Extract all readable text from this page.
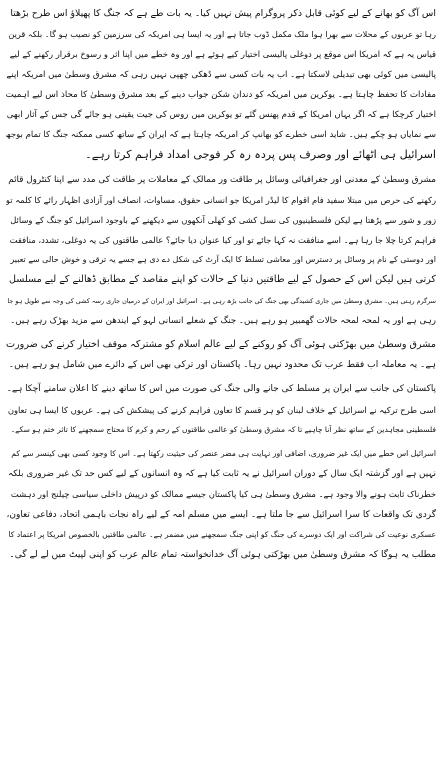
اس آگ کو بھانے کے لیے کوئی قابل ذکر پروگرام پیش نہیں کیا۔ یہ بات طے ہے کہ جنگ کا پھیلاؤ اس طرح بڑھتا
رہا تو عربوں کے محلات سے بھرا ہوا ملک مکمل ڈوب جاتا ہے اور یہ ایسا ہی امریکہ کی سرزمین کو نصیب ہو گا۔ بلکہ قرین
قیاس یہ ہے کہ امریکا اس موقع پر دوغلی پالیسی اختیار کیے ہوئے ہے اور وہ خطے میں اپنا اثر و رسوخ برقرار رکھنے کے لیے
پالیسی میں کوئی بھی تبدیلی لاسکتا ہے۔ اب یہ بات کسی سے ڈھکی چھپی نہیں رہی کہ مشرق وسطیٰ میں امریکہ اپنے
مفادات کا تحفظ چاہتا ہے۔ یوکرین میں امریکہ کو دندان شکن جواب دینے کے بعد مشرق وسطیٰ کا محاذ اس لیے اہمیت
اختیار کرچکا ہے کہ اگر یہاں امریکا کے قدم پھنس گئے تو یوکرین میں روس کی جیت یقینی ہو جائے گی جس کے آثار ابھی
سے نمایاں ہو چکے ہیں۔ شاید اسی خطرے کو بھانپ کر امریکہ چاہتا ہے کہ ایران کے ساتھ کسی ممکنہ جنگ کا تمام بوجھ
اسرائیل ہی اٹھائے اور وصرف پس پردہ رہ کر فوجی امداد فراہم کرتا رہے۔
مشرق وسطیٰ کے معدنی اور جغرافیائی وسائل پر طاقت ور ممالک کے معاملات پر طاقت کی مدد سے اپنا کنٹرول قائم
رکھنے کی حرص میں مبتلا سفید فام اقوام کا لیڈر امریکا جو انسانی حقوق، مساوات، انصاف اور آزادی اظہار رائے کا کلمہ تو
زور و شور سے پڑھتا ہے لیکن فلسطینیوں کی نسل کشی کو کھلی آنکھوں سے دیکھنے کے باوجود اسرائیل کو جنگ کے وسائل
فراہم کرتا چلا جا رہا ہے۔ اسے منافقت نہ کہا جائے تو اور کیا عنوان دیا جائے؟ عالمی طاقتوں کی یہ دوغلی، تشدد، منافقت
اور دوستی کے نام پر وسائل پر دسترس اور معاشی تسلط کا ایک آرٹ کی شکل دے دی ہے جسے یہ ترقی و خوش حالی سے تعبیر
کرتی ہیں لیکن اس کے حصول کے لیے طاقتیں دنیا کے حالات کو اپنے مقاصد کے مطابق ڈھالنے کے لیے مسلسل
سرگرم رہتی ہیں۔ مشرق وسطیٰ میں جاری کشیدگی بھی جنگ کی جانب بڑھ رہی ہے۔ اسرائیل اور ایران کے درمیان جاری رسہ کشی کی وجہ سے طویل ہو جا
رہی ہے اور یہ لمحہ لمحہ حالات گھمبیر ہو رہے ہیں۔ جنگ کے شعلے انسانی لہو کے ایندھن سے مزید بھڑک رہے ہیں۔
مشرق وسطیٰ میں بھڑکتی ہوئی آگ کو روکنے کے لیے عالم اسلام کو مشترکہ موقف اختیار کرنے کی ضرورت
ہے۔ یہ معاملہ اب فقط عرب تک محدود نہیں رہا۔ پاکستان اور ترکی بھی اس کے دائرے میں شامل ہو رہے ہیں۔
پاکستان کی جانب سے ایران پر مسلط کی جانے والی جنگ کی صورت میں اس کا ساتھ دینے کا اعلان سامنے آچکا ہے۔
اسی طرح ترکیہ نے اسرائیل کے خلاف لبنان کو ہر قسم کا تعاون فراہم کرنے کی پیشکش کی ہے۔ عربوں کا ایسا ہی تعاون
فلسطینی مجاہدین کے ساتھ نظر آنا چاہیے تا کہ مشرق وسطیٰ کو عالمی طاقتوں کے رحم و کرم کا محتاج سمجھنے کا تاثر ختم ہو سکے۔
اسرائیل اس خطے میں ایک غیر ضروری، اضافی اور نہایت ہی مضر عنصر کی حیثیت رکھتا ہے۔ اس کا وجود کسی بھی کینسر سے کم
نہیں ہے اور گزشتہ ایک سال کے دوران اسرائیل نے یہ ثابت کیا ہے کہ وہ انسانوں کے لیے کس حد تک غیر ضروری بلکہ
خطرناک ثابت ہونے والا وجود ہے۔ مشرق وسطیٰ ہی کیا پاکستان جیسے ممالک کو درپیش داخلی سیاسی چیلنج اور دہشت
گردی تک واقعات کا سرا اسرائیل سے جا ملتا ہے۔ ایسے میں مسلم امہ کے لیے راہ نجات باہمی اتحاد، دفاعی تعاون،
عسکری نوعیت کی شراکت اور ایک دوسرے کی جنگ کو اپنی جنگ سمجھنے میں مضمر ہے۔ عالمی طاقتیں بالخصوص امریکا پر اعتماد کا
مطلب یہ ہوگا کہ مشرق وسطیٰ میں بھڑکتی ہوئی آگ خدانخواستہ تمام عالم عرب کو اپنی لپیٹ میں لے لے گی۔
